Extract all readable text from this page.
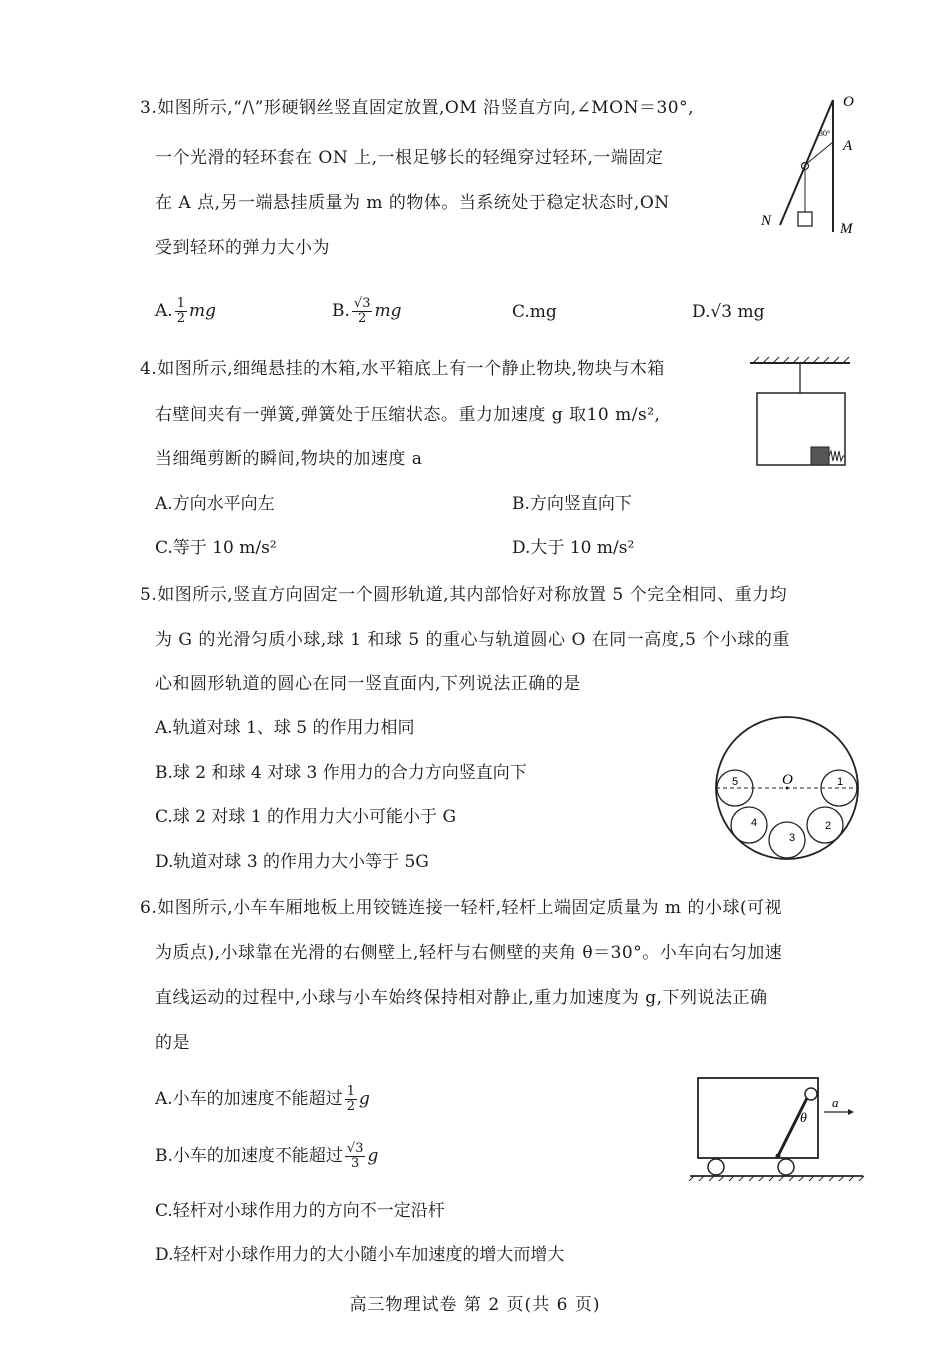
3.如图所示,“/\”形硬钢丝竖直固定放置,OM 沿竖直方向,∠MON＝30°,
一个光滑的轻环套在 ON 上,一根足够长的轻绳穿过轻环,一端固定
在 A 点,另一端悬挂质量为 m 的物体。当系统处于稳定状态时,ON
受到轻环的弹力大小为
A. $\frac{1}{2}$ mg	B. $\frac{√3}{2}$ mg	C.mg	D.√3 mg
O
A
N	M
30°
4.如图所示,细绳悬挂的木箱,水平箱底上有一个静止物块,物块与木箱
右壁间夹有一弹簧,弹簧处于压缩状态。重力加速度 g 取10 m/s²,
当细绳剪断的瞬间,物块的加速度 a
A.方向水平向左	B.方向竖直向下
C.等于 10 m/s²	D.大于 10 m/s²
5.如图所示,竖直方向固定一个圆形轨道,其内部恰好对称放置 5 个完全相同、重力均
为 G 的光滑匀质小球,球 1 和球 5 的重心与轨道圆心 O 在同一高度,5 个小球的重
心和圆形轨道的圆心在同一竖直面内,下列说法正确的是
A.轨道对球 1、球 5 的作用力相同
B.球 2 和球 4 对球 3 作用力的合力方向竖直向下
C.球 2 对球 1 的作用力大小可能小于 G
D.轨道对球 3 的作用力大小等于 5G
O	1
2
3
4
5
6.如图所示,小车车厢地板上用铰链连接一轻杆,轻杆上端固定质量为 m 的小球(可视
为质点),小球靠在光滑的右侧壁上,轻杆与右侧壁的夹角 θ＝30°。小车向右匀加速
直线运动的过程中,小球与小车始终保持相对静止,重力加速度为 g,下列说法正确
的是
A.小车的加速度不能超过 $\frac{1}{2}$ g
B.小车的加速度不能超过 $\frac{√3}{3}$ g
C.轻杆对小球作用力的方向不一定沿杆
D.轻杆对小球作用力的大小随小车加速度的增大而增大
θ
a
高三物理试卷 第 2 页(共 6 页)
